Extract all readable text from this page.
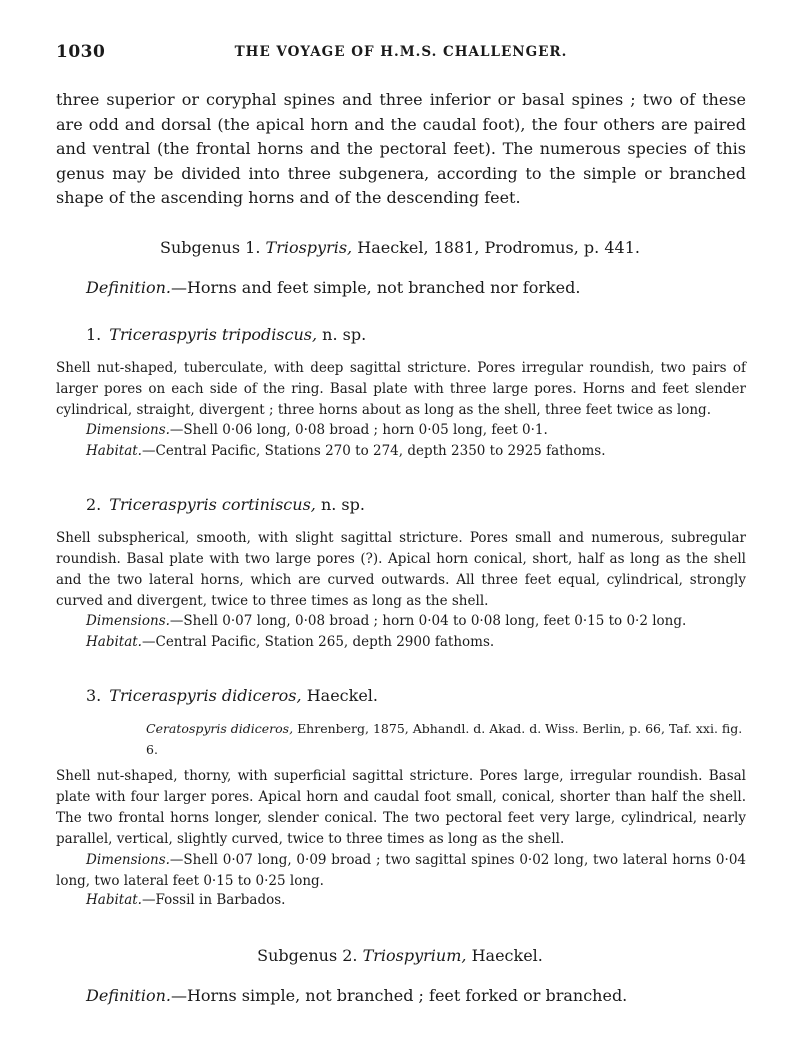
1030	THE VOYAGE OF H.M.S. CHALLENGER.

three superior or coryphal spines and three inferior or basal spines ; two of these are odd and dorsal (the apical horn and the caudal foot), the four others are paired and ventral (the frontal horns and the pectoral feet). The numerous species of this genus may be divided into three subgenera, according to the simple or branched shape of the ascending horns and of the descending feet.

Subgenus 1. Triospyris, Haeckel, 1881, Prodromus, p. 441.

Definition.—Horns and feet simple, not branched nor forked.

1. Triceraspyris tripodiscus, n. sp.

Shell nut-shaped, tuberculate, with deep sagittal stricture. Pores irregular roundish, two pairs of larger pores on each side of the ring. Basal plate with three large pores. Horns and feet slender cylindrical, straight, divergent ; three horns about as long as the shell, three feet twice as long.

Dimensions.—Shell 0·06 long, 0·08 broad ; horn 0·05 long, feet 0·1.

Habitat.—Central Pacific, Stations 270 to 274, depth 2350 to 2925 fathoms.

2. Triceraspyris cortiniscus, n. sp.

Shell subspherical, smooth, with slight sagittal stricture. Pores small and numerous, subregular roundish. Basal plate with two large pores (?). Apical horn conical, short, half as long as the shell and the two lateral horns, which are curved outwards. All three feet equal, cylindrical, strongly curved and divergent, twice to three times as long as the shell.

Dimensions.—Shell 0·07 long, 0·08 broad ; horn 0·04 to 0·08 long, feet 0·15 to 0·2 long.

Habitat.—Central Pacific, Station 265, depth 2900 fathoms.

3. Triceraspyris didiceros, Haeckel.

Ceratospyris didiceros, Ehrenberg, 1875, Abhandl. d. Akad. d. Wiss. Berlin, p. 66, Taf. xxi. fig. 6.

Shell nut-shaped, thorny, with superficial sagittal stricture. Pores large, irregular roundish. Basal plate with four larger pores. Apical horn and caudal foot small, conical, shorter than half the shell. The two frontal horns longer, slender conical. The two pectoral feet very large, cylindrical, nearly parallel, vertical, slightly curved, twice to three times as long as the shell.

Dimensions.—Shell 0·07 long, 0·09 broad ; two sagittal spines 0·02 long, two lateral horns 0·04 long, two lateral feet 0·15 to 0·25 long.

Habitat.—Fossil in Barbados.

Subgenus 2. Triospyrium, Haeckel.

Definition.—Horns simple, not branched ; feet forked or branched.
